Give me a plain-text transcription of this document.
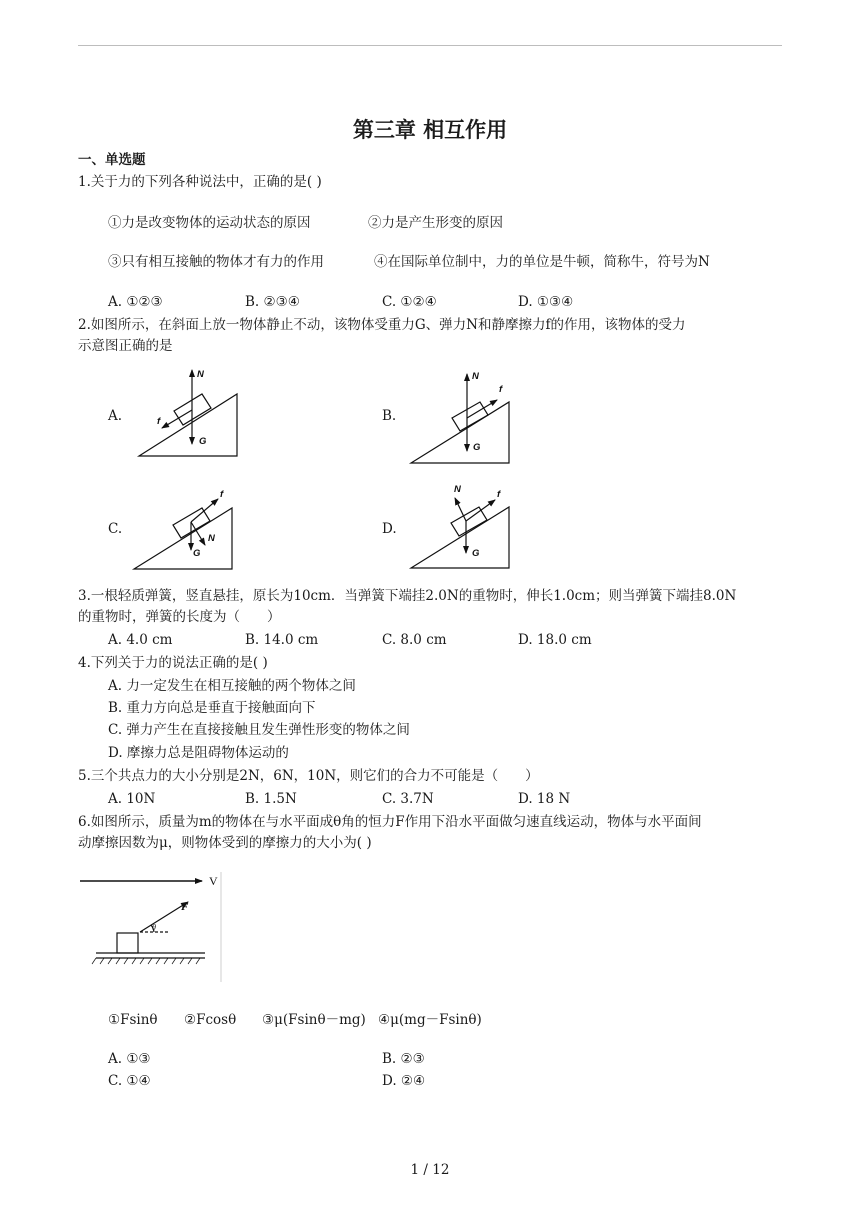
第三章 相互作用
一、单选题
1.关于力的下列各种说法中，正确的是( )
①力是改变物体的运动状态的原因	②力是产生形变的原因
③只有相互接触的物体才有力的作用	④在国际单位制中，力的单位是牛顿，简称牛，符号为N
A. ①②③	B. ②③④	C. ①②④	D. ①③④
2.如图所示，在斜面上放一物体静止不动，该物体受重力G、弹力N和静摩擦力f的作用，该物体的受力
示意图正确的是
A.	B.
C.	D.
N
G
f
N
G
f
f
N
G
N	f
G
V
F
θ
3.一根轻质弹簧，竖直悬挂，原长为10cm．当弹簧下端挂2.0N的重物时，伸长1.0cm；则当弹簧下端挂8.0N
的重物时，弹簧的长度为（　　）
A. 4.0 cm	B. 14.0 cm	C. 8.0 cm	D. 18.0 cm
4.下列关于力的说法正确的是( )
A. 力一定发生在相互接触的两个物体之间
B. 重力方向总是垂直于接触面向下
C. 弹力产生在直接接触且发生弹性形变的物体之间
D. 摩擦力总是阻碍物体运动的
5.三个共点力的大小分别是2N，6N，10N，则它们的合力不可能是（　　）
A. 10N	B. 1.5N	C. 3.7N	D. 18 N
6.如图所示，质量为m的物体在与水平面成θ角的恒力F作用下沿水平面做匀速直线运动，物体与水平面间
动摩擦因数为μ，则物体受到的摩擦力的大小为( )
①Fsinθ ②Fcosθ ③μ(Fsinθ－mg) ④μ(mg－Fsinθ)
A. ①③	B. ②③
C. ①④	D. ②④
1 / 12
